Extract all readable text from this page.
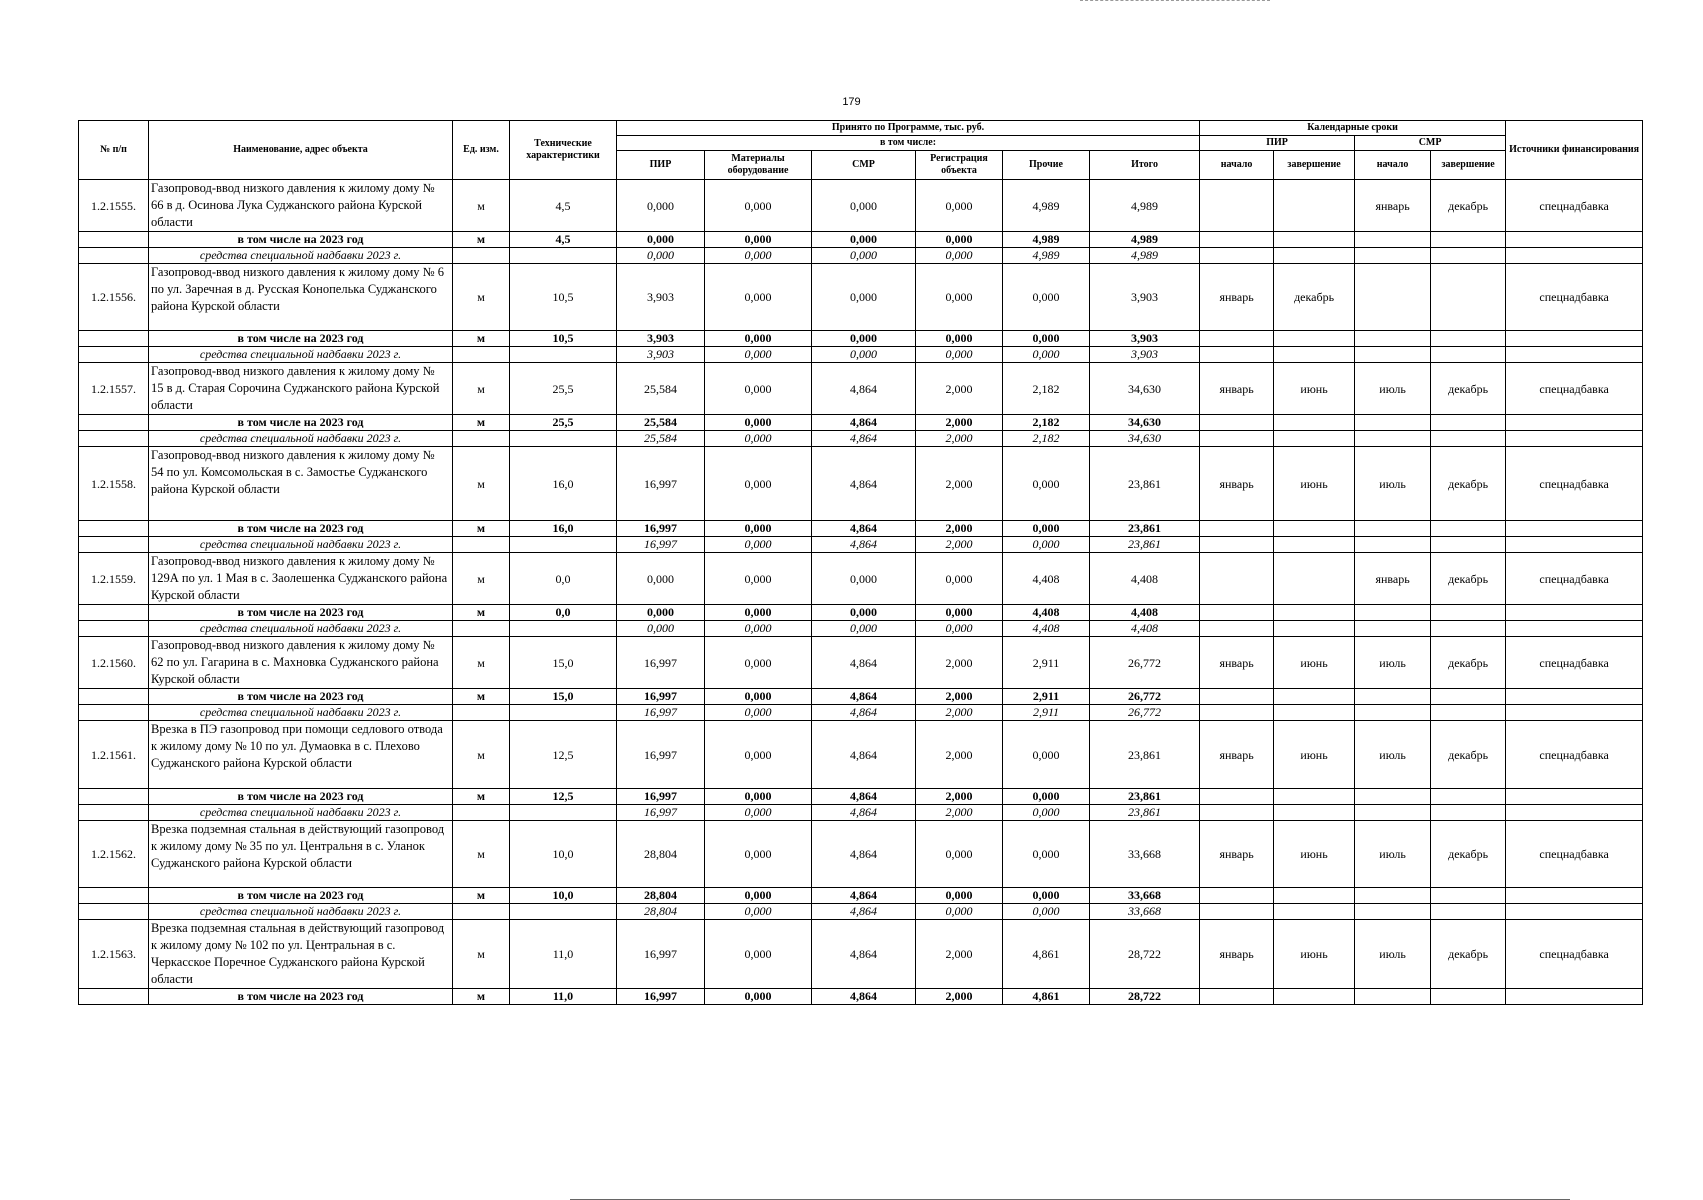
179
№ п/п	Наименование, адрес объекта	Ед. изм.	Технические характеристики	Принято по Программе, тыс. руб.						Календарные сроки				Источники финансирования
				в том числе:						ПИР		СМР		
				ПИР	Материалы оборудование	СМР	Регистрация объекта	Прочие	Итого	начало	завершение	начало	завершение	
1.2.1555.	Газопровод-ввод низкого давления к жилому дому № 66 в д. Осинова Лука Суджанского района Курской области	м	4,5	0,000	0,000	0,000	0,000	4,989	4,989			январь	декабрь	спецнадбавка
	в том числе на 2023 год	м	4,5	0,000	0,000	0,000	0,000	4,989	4,989					
	средства специальной надбавки 2023 г.			0,000	0,000	0,000	0,000	4,989	4,989					
1.2.1556.	Газопровод-ввод низкого давления к жилому дому № 6 по ул. Заречная в д. Русская Конопелька Суджанского района Курской области	м	10,5	3,903	0,000	0,000	0,000	0,000	3,903	январь	декабрь			спецнадбавка
	в том числе на 2023 год	м	10,5	3,903	0,000	0,000	0,000	0,000	3,903					
	средства специальной надбавки 2023 г.			3,903	0,000	0,000	0,000	0,000	3,903					
1.2.1557.	Газопровод-ввод низкого давления к жилому дому № 15 в д. Старая Сорочина Суджанского района Курской области	м	25,5	25,584	0,000	4,864	2,000	2,182	34,630	январь	июнь	июль	декабрь	спецнадбавка
	в том числе на 2023 год	м	25,5	25,584	0,000	4,864	2,000	2,182	34,630					
	средства специальной надбавки 2023 г.			25,584	0,000	4,864	2,000	2,182	34,630					
1.2.1558.	Газопровод-ввод низкого давления к жилому дому № 54 по ул. Комсомольская в с. Замостье Суджанского района Курской области	м	16,0	16,997	0,000	4,864	2,000	0,000	23,861	январь	июнь	июль	декабрь	спецнадбавка
	в том числе на 2023 год	м	16,0	16,997	0,000	4,864	2,000	0,000	23,861					
	средства специальной надбавки 2023 г.			16,997	0,000	4,864	2,000	0,000	23,861					
1.2.1559.	Газопровод-ввод низкого давления к жилому дому № 129А по ул. 1 Мая в с. Заолешенка Суджанского района Курской области	м	0,0	0,000	0,000	0,000	0,000	4,408	4,408			январь	декабрь	спецнадбавка
	в том числе на 2023 год	м	0,0	0,000	0,000	0,000	0,000	4,408	4,408					
	средства специальной надбавки 2023 г.			0,000	0,000	0,000	0,000	4,408	4,408					
1.2.1560.	Газопровод-ввод низкого давления к жилому дому № 62 по ул. Гагарина в с. Махновка Суджанского района Курской области	м	15,0	16,997	0,000	4,864	2,000	2,911	26,772	январь	июнь	июль	декабрь	спецнадбавка
	в том числе на 2023 год	м	15,0	16,997	0,000	4,864	2,000	2,911	26,772					
	средства специальной надбавки 2023 г.			16,997	0,000	4,864	2,000	2,911	26,772					
1.2.1561.	Врезка в ПЭ газопровод при помощи седлового отвода к жилому дому № 10 по ул. Думаовка в с. Плехово Суджанского района Курской области	м	12,5	16,997	0,000	4,864	2,000	0,000	23,861	январь	июнь	июль	декабрь	спецнадбавка
	в том числе на 2023 год	м	12,5	16,997	0,000	4,864	2,000	0,000	23,861					
	средства специальной надбавки 2023 г.			16,997	0,000	4,864	2,000	0,000	23,861					
1.2.1562.	Врезка подземная стальная в действующий газопровод к жилому дому № 35 по ул. Центральня в с. Уланок Суджанского района Курской области	м	10,0	28,804	0,000	4,864	0,000	0,000	33,668	январь	июнь	июль	декабрь	спецнадбавка
	в том числе на 2023 год	м	10,0	28,804	0,000	4,864	0,000	0,000	33,668					
	средства специальной надбавки 2023 г.			28,804	0,000	4,864	0,000	0,000	33,668					
1.2.1563.	Врезка подземная стальная в действующий газопровод к жилому дому № 102 по ул. Центральная в с. Черкасское Поречное Суджанского района Курской области	м	11,0	16,997	0,000	4,864	2,000	4,861	28,722	январь	июнь	июль	декабрь	спецнадбавка
	в том числе на 2023 год	м	11,0	16,997	0,000	4,864	2,000	4,861	28,722					
